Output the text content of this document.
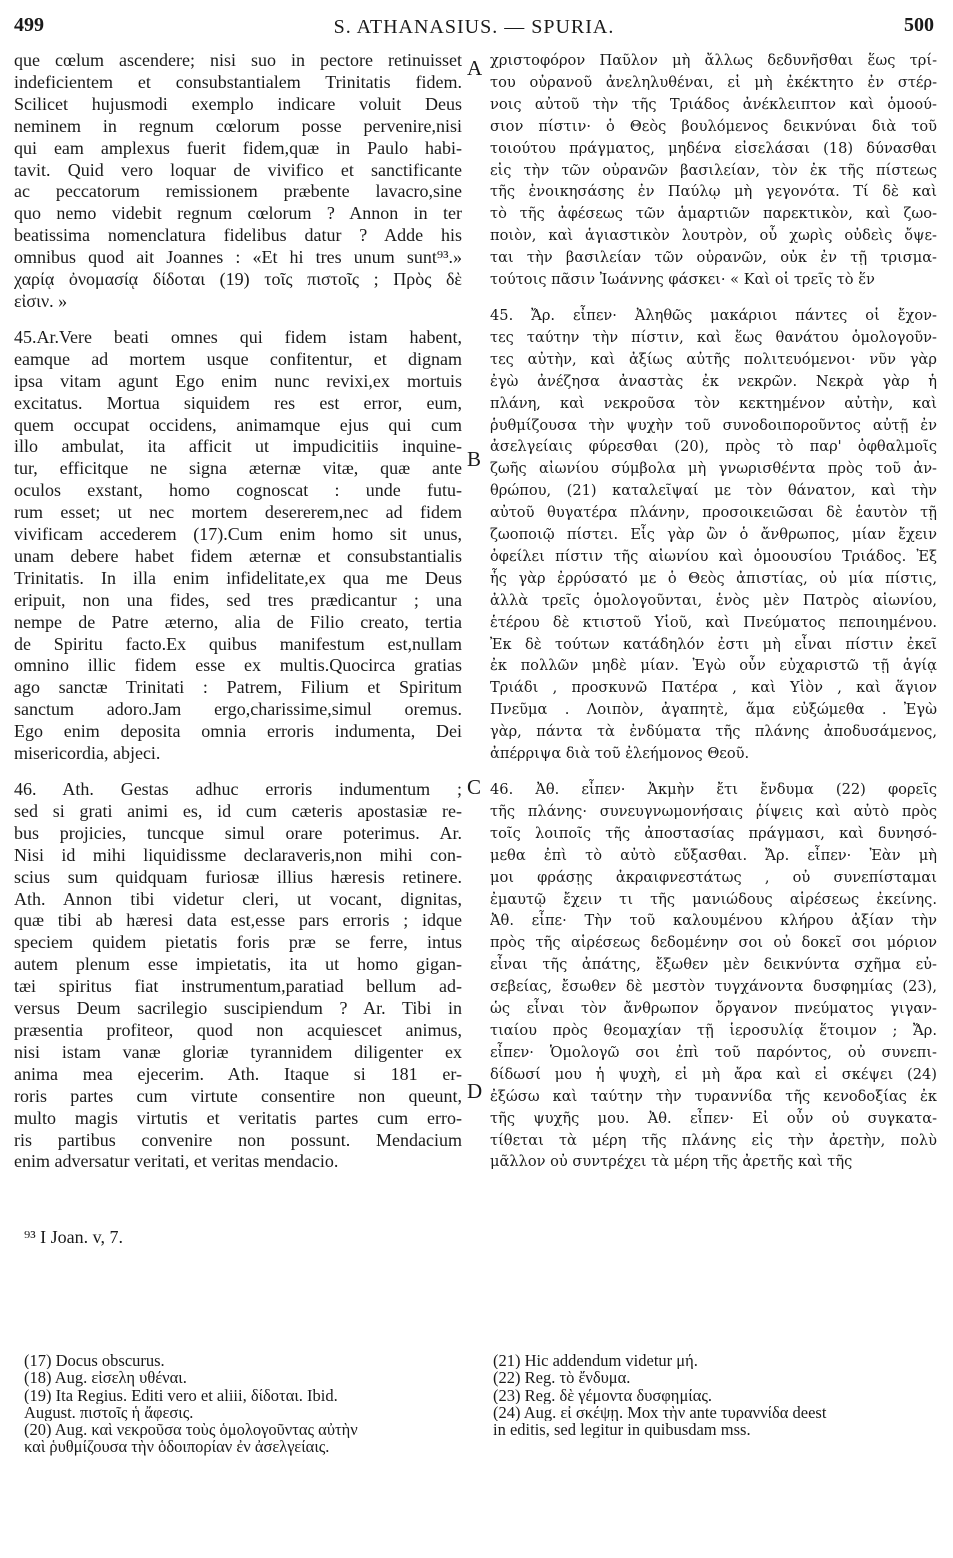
499	S. ATHANASIUS. — SPURIA.	500
que cœlum ascendere; nisi suo in pectore retinuisset
indeficientem et consubstantialem Trinitatis fidem.
Scilicet hujusmodi exemplo indicare voluit Deus
neminem in regnum cœlorum posse pervenire,nisi
qui eam amplexus fuerit fidem,quæ in Paulo habi-
tavit. Quid vero loquar de vivifico et sanctificante
ac peccatorum remissionem præbente lavacro,sine
quo nemo videbit regnum cœlorum ? Annon in ter
beatissima nomenclatura fidelibus datur ? Adde his
omnibus quod ait Joannes : «Et hi tres unum sunt⁹³.»
χαρίᾳ ὀνομασίᾳ δίδοται (19) τοῖς πιστοῖς ; Πρὸς δὲ
εἰσιν. »
45.Ar.Vere beati omnes qui fidem istam habent,
eamque ad mortem usque confitentur, et dignam
ipsa vitam agunt Ego enim nunc revixi,ex mortuis
excitatus. Mortua siquidem res est error, eum,
quem occupat occidens, animamque ejus qui cum
illo ambulat, ita afficit ut impudicitiis inquine-
tur, efficitque ne signa æternæ vitæ, quæ ante
oculos exstant, homo cognoscat : unde futu-
rum esset; ut nec mortem desererem,nec ad fidem
vivificam accederem (17).Cum enim homo sit unus,
unam debere habet fidem æternæ et consubstantialis
Trinitatis. In illa enim infidelitate,ex qua me Deus
eripuit, non una fides, sed tres prædicantur ; una
nempe de Patre æterno, alia de Filio creato, tertia
de Spiritu facto.Ex quibus manifestum est,nullam
omnino illic fidem esse ex multis.Quocirca gratias
ago sanctæ Trinitati : Patrem, Filium et Spiritum
sanctum adoro.Jam ergo,charissime,simul oremus.
Ego enim deposita omnia erroris indumenta, Dei
misericordia, abjeci.
46. Ath. Gestas adhuc erroris indumentum ;
sed si grati animi es, id cum cæteris apostasiæ re-
bus projicies, tuncque simul orare poterimus. Ar.
Nisi id mihi liquidissme declaraveris,non mihi con-
scius sum quidquam furiosæ illius hæresis retinere.
Ath. Annon tibi videtur cleri, ut vocant, dignitas,
quæ tibi ab hæresi data est,esse pars erroris ; idque
speciem quidem pietatis foris præ se ferre, intus
autem plenum esse impietatis, ita ut homo gigan-
tæi spiritus fiat instrumentum,paratiad bellum ad-
versus Deum sacrilegio suscipiendum ? Ar. Tibi in
præsentia profiteor, quod non acquiescet animus,
nisi istam vanæ gloriæ tyrannidem diligenter ex
anima mea ejecerim. Ath. Itaque si 181 er-
roris partes cum virtute consentire non queunt,
multo magis virtutis et veritatis partes cum erro-
ris partibus convenire non possunt. Mendacium
enim adversatur veritati, et veritas mendacio.
χριστοφόρον Παῦλον μὴ ἄλλως δεδυνῆσθαι ἕως τρί-
του οὐρανοῦ ἀνεληλυθέναι, εἰ μὴ ἐκέκτητο ἐν στέρ-
νοις αὐτοῦ τὴν τῆς Τριάδος ἀνέκλειπτον καὶ ὁμοού-
σιον πίστιν· ὁ Θεὸς βουλόμενος δεικνύναι διὰ τοῦ
τοιούτου πράγματος, μηδένα εἰσελάσαι (18) δύνασθαι
εἰς τὴν τῶν οὐρανῶν βασιλείαν, τὸν ἐκ τῆς πίστεως
τῆς ἐνοικησάσης ἐν Παύλῳ μὴ γεγονότα. Τί δὲ καὶ
τὸ τῆς ἀφέσεως τῶν ἁμαρτιῶν παρεκτικὸν, καὶ ζωο-
ποιὸν, καὶ ἁγιαστικὸν λουτρὸν, οὗ χωρὶς οὐδεὶς ὄψε-
ται τὴν βασιλείαν τῶν οὐρανῶν, οὐκ ἐν τῇ τρισμα-
τούτοις πᾶσιν Ἰωάννης φάσκει· « Καὶ οἱ τρεῖς τὸ ἕν
45. Ἄρ. εἶπεν· Ἀληθῶς μακάριοι πάντες οἱ ἔχον-
τες ταύτην τὴν πίστιν, καὶ ἕως θανάτου ὁμολογοῦν-
τες αὐτὴν, καὶ ἀξίως αὐτῆς πολιτευόμενοι· νῦν γὰρ
ἐγὼ ἀνέζησα ἀναστὰς ἐκ νεκρῶν. Νεκρὰ γὰρ ἡ
πλάνη, καὶ νεκροῦσα τὸν κεκτημένον αὐτὴν, καὶ
ῥυθμίζουσα τὴν ψυχὴν τοῦ συνοδοιποροῦντος αὐτῇ ἐν
ἀσελγείαις φύρεσθαι (20), πρὸς τὸ παρ' ὀφθαλμοῖς
ζωῆς αἰωνίου σύμβολα μὴ γνωρισθέντα πρὸς τοῦ ἀν-
θρώπου, (21) καταλεῖψαί με τὸν θάνατον, καὶ τὴν
αὐτοῦ θυγατέρα πλάνην, προσοικειῶσαι δὲ ἑαυτὸν τῇ
ζωοποιῷ πίστει. Εἷς γὰρ ὢν ὁ ἄνθρωπος, μίαν ἔχειν
ὀφείλει πίστιν τῆς αἰωνίου καὶ ὁμοουσίου Τριάδος. Ἐξ
ἧς γὰρ ἐρρύσατό με ὁ Θεὸς ἀπιστίας, οὐ μία πίστις,
ἀλλὰ τρεῖς ὁμολογοῦνται, ἑνὸς μὲν Πατρὸς αἰωνίου,
ἑτέρου δὲ κτιστοῦ Υἱοῦ, καὶ Πνεύματος πεποιημένου.
Ἐκ δὲ τούτων κατάδηλόν ἐστι μὴ εἶναι πίστιν ἐκεῖ
ἐκ πολλῶν μηδὲ μίαν. Ἐγὼ οὖν εὐχαριστῶ τῇ ἁγίᾳ
Τριάδι , προσκυνῶ Πατέρα , καὶ Υἱὸν , καὶ ἅγιον
Πνεῦμα . Λοιπὸν, ἀγαπητὲ, ἅμα εὐξώμεθα . Ἐγὼ
γὰρ, πάντα τὰ ἐνδύματα τῆς πλάνης ἀποδυσάμενος,
ἀπέρριψα διὰ τοῦ ἐλεήμονος Θεοῦ.
46. Ἀθ. εἶπεν· Ἀκμὴν ἔτι ἔνδυμα (22) φορεῖς
τῆς πλάνης· συνευγνωμονήσαις ῥίψεις καὶ αὐτὸ πρὸς
τοῖς λοιποῖς τῆς ἀποστασίας πράγμασι, καὶ δυνησό-
μεθα ἐπὶ τὸ αὐτὸ εὔξασθαι. Ἄρ. εἶπεν· Ἐὰν μὴ
μοι φράσῃς ἀκραιφνεστάτως , οὐ συνεπίσταμαι
ἐμαυτῷ ἔχειν τι τῆς μανιώδους αἱρέσεως ἐκείνης.
Ἀθ. εἶπε· Τὴν τοῦ καλουμένου κλήρου ἀξίαν τὴν
πρὸς τῆς αἱρέσεως δεδομένην σοι οὐ δοκεῖ σοι μόριον
εἶναι τῆς ἀπάτης, ἔξωθεν μὲν δεικνύντα σχῆμα εὐ-
σεβείας, ἔσωθεν δὲ μεστὸν τυγχάνοντα δυσφημίας (23),
ὡς εἶναι τὸν ἄνθρωπον ὄργανον πνεύματος γιγαν-
τιαίου πρὸς θεομαχίαν τῇ ἱεροσυλίᾳ ἕτοιμον ; Ἄρ.
εἶπεν· Ὁμολογῶ σοι ἐπὶ τοῦ παρόντος, οὐ συνεπι-
δίδωσί μου ἡ ψυχὴ, εἰ μὴ ἄρα καὶ εἰ σκέψει (24)
ἐξώσω καὶ ταύτην τὴν τυραννίδα τῆς κενοδοξίας ἐκ
τῆς ψυχῆς μου. Ἀθ. εἶπεν· Εἰ οὖν οὐ συγκατα-
τίθεται τὰ μέρη τῆς πλάνης εἰς τὴν ἀρετὴν, πολὺ
μᾶλλον οὐ συντρέχει τὰ μέρη τῆς ἀρετῆς καὶ τῆς
A
B
C
D
⁹³ I Joan. v, 7.
(17) Docus obscurus.
(18) Aug. εἰσελη υθέναι.
(19) Ita Regius. Editi vero et aliii, δίδοται. Ibid.
August. πιστοῖς ἡ ἄφεσις.
(20) Aug. καὶ νεκροῦσα τοὺς ὁμολογοῦντας αὐτὴν
καὶ ῥυθμίζουσα τὴν ὁδοιπορίαν ἐν ἀσελγείαις.
(21) Hic addendum videtur μή.
(22) Reg. τὸ ἔνδυμα.
(23) Reg. δὲ γέμοντα δυσφημίας.
(24) Aug. εἰ σκέψῃ. Mox τὴν ante τυραννίδα deest
in editis, sed legitur in quibusdam mss.
